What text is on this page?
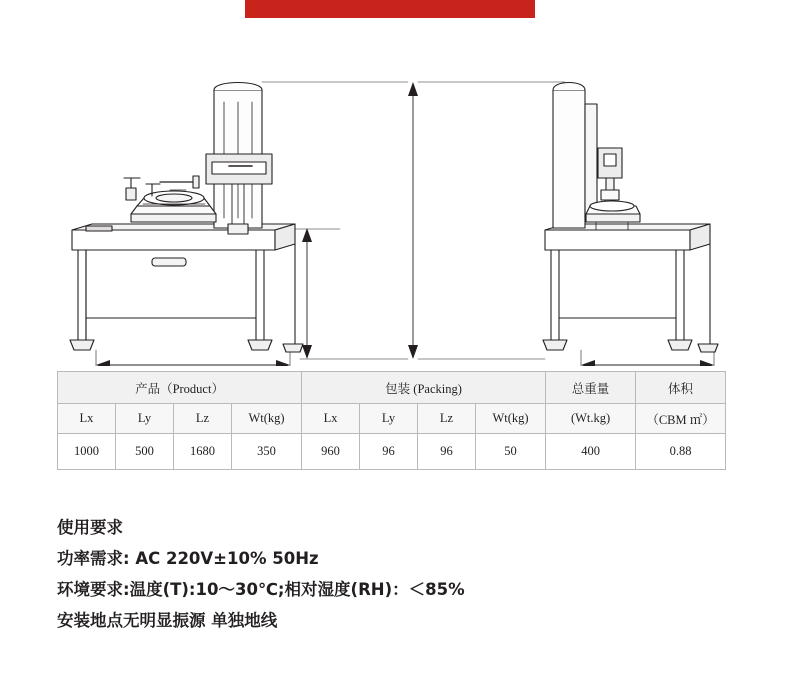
产品（Product）				包装 (Packing)				总重量	体积
Lx	Ly	Lz	Wt(kg)	Lx	Ly	Lz	Wt(kg)	(Wt.kg)	（CBM ㎡）
1000	500	1680	350	960	96	96	50	400	0.88
使用要求
功率需求: AC 220V±10% 50Hz
环境要求:温度(T):10～30℃;相对湿度(RH)：＜85%
安装地点无明显振源 单独地线
